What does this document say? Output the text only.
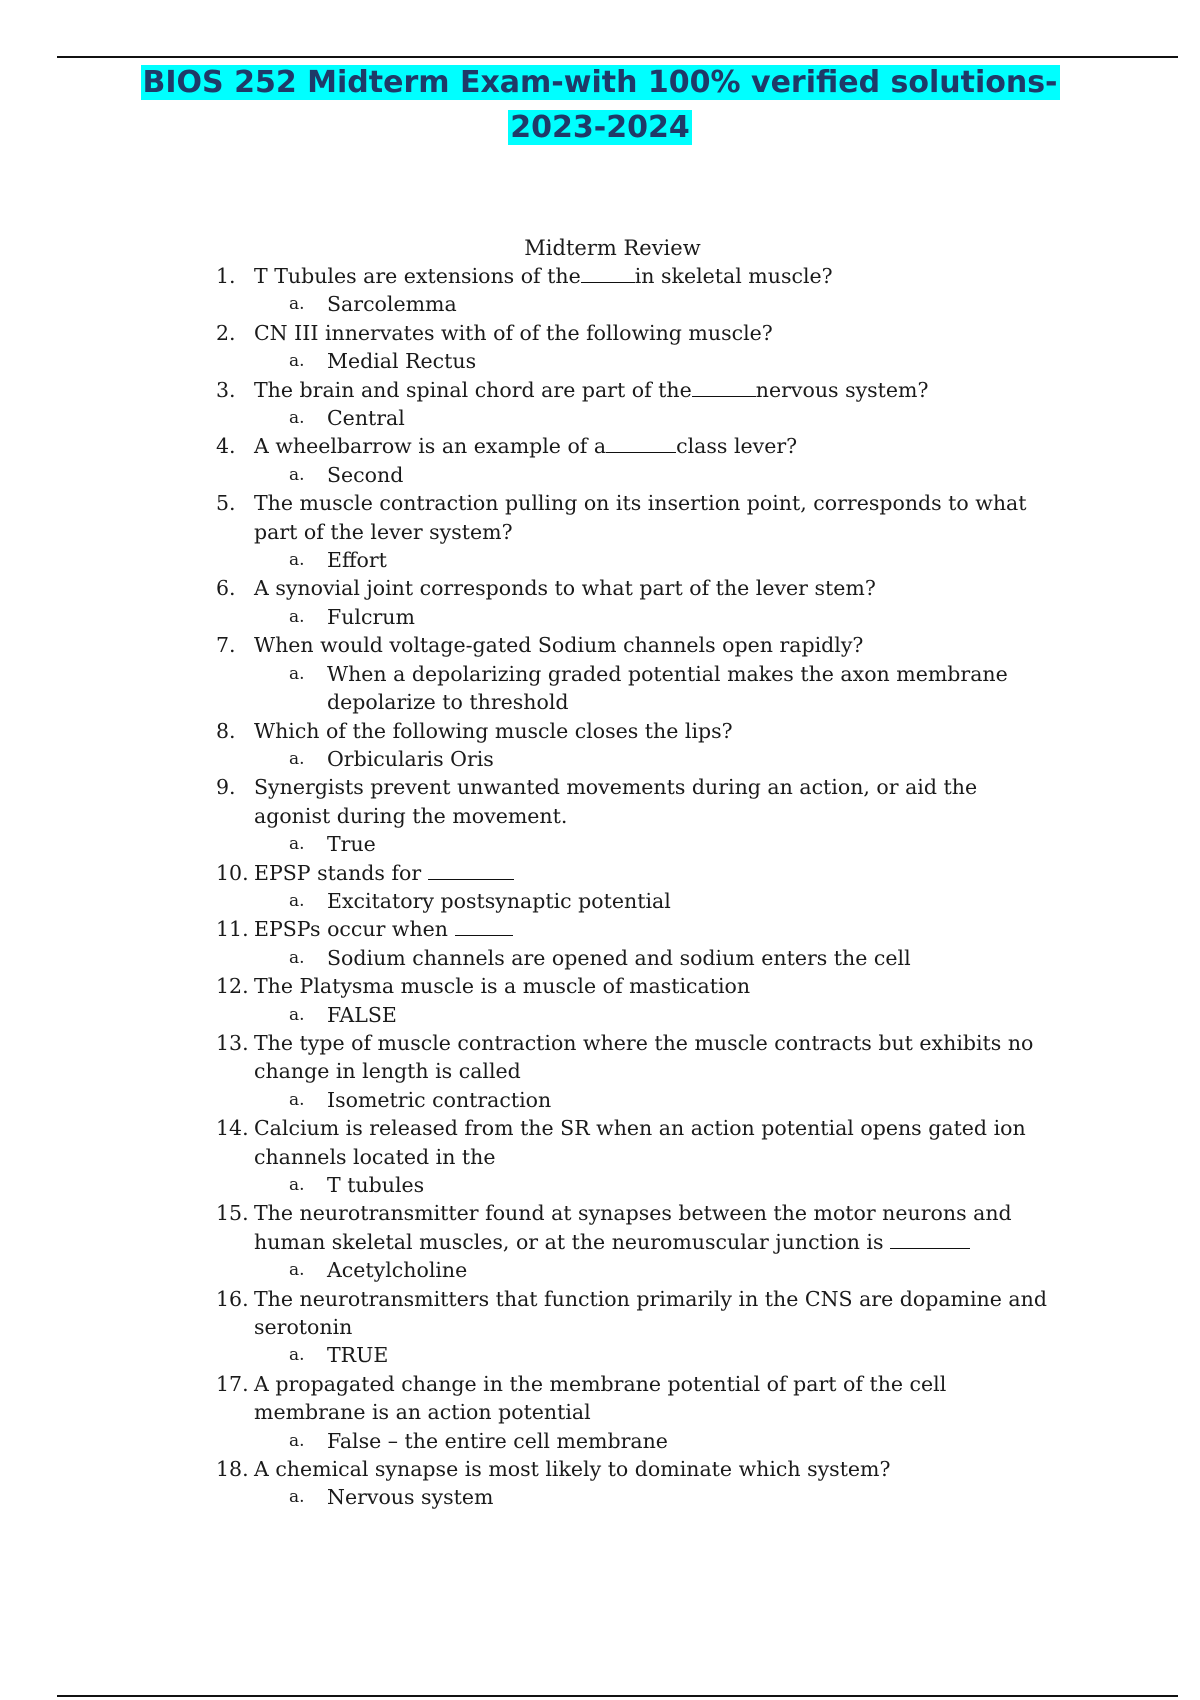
BIOS 252 Midterm Exam-with 100% verified solutions-
2023-2024
Midterm Review
1. T Tubules are extensions of the	in skeletal muscle?
a. Sarcolemma
2. CN III innervates with of of the following muscle?
a. Medial Rectus
3. The brain and spinal chord are part of the	nervous system?
a. Central
4. A wheelbarrow is an example of a	class lever?
a. Second
5. The muscle contraction pulling on its insertion point, corresponds to what part of the lever system?
a. Effort
6. A synovial joint corresponds to what part of the lever stem?
a. Fulcrum
7. When would voltage-gated Sodium channels open rapidly?
a. When a depolarizing graded potential makes the axon membrane depolarize to threshold
8. Which of the following muscle closes the lips?
a. Orbicularis Oris
9. Synergists prevent unwanted movements during an action, or aid the agonist during the movement.
a. True
10. EPSP stands for
a. Excitatory postsynaptic potential
11. EPSPs occur when
a. Sodium channels are opened and sodium enters the cell
12. The Platysma muscle is a muscle of mastication
a. FALSE
13. The type of muscle contraction where the muscle contracts but exhibits no change in length is called
a. Isometric contraction
14. Calcium is released from the SR when an action potential opens gated ion channels located in the
a. T tubules
15. The neurotransmitter found at synapses between the motor neurons and human skeletal muscles, or at the neuromuscular junction is
a. Acetylcholine
16. The neurotransmitters that function primarily in the CNS are dopamine and serotonin
a. TRUE
17. A propagated change in the membrane potential of part of the cell membrane is an action potential
a. False – the entire cell membrane
18. A chemical synapse is most likely to dominate which system?
a. Nervous system
